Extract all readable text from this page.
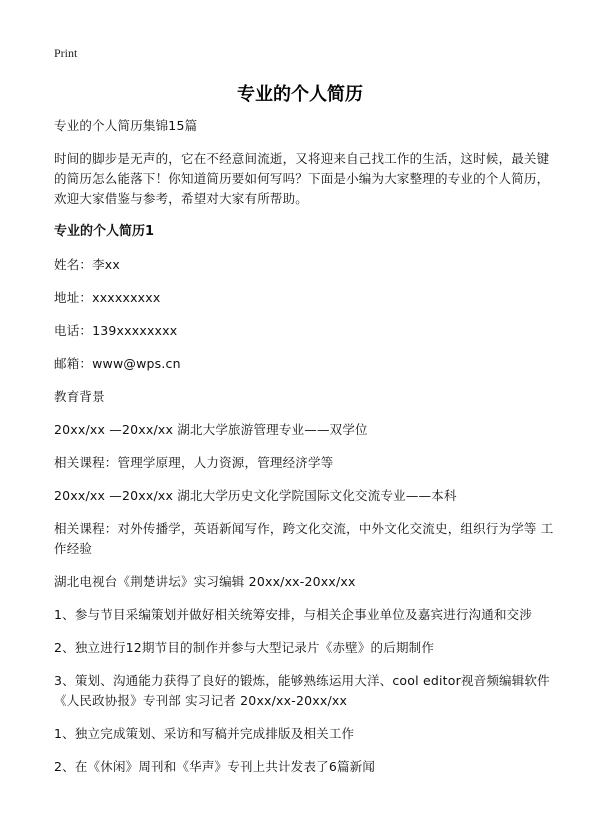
Print
专业的个人简历

专业的个人简历集锦15篇

时间的脚步是无声的，它在不经意间流逝，又将迎来自己找工作的生活，这时候，最关键的简历怎么能落下！你知道简历要如何写吗？下面是小编为大家整理的专业的个人简历，欢迎大家借鉴与参考，希望对大家有所帮助。

专业的个人简历1

姓名：李xx

地址：xxxxxxxxx

电话：139xxxxxxxx

邮箱：www@wps.cn

教育背景

20xx/xx —20xx/xx 湖北大学旅游管理专业——双学位

相关课程：管理学原理，人力资源，管理经济学等

20xx/xx —20xx/xx 湖北大学历史文化学院国际文化交流专业——本科

相关课程：对外传播学，英语新闻写作，跨文化交流，中外文化交流史，组织行为学等 工作经验

湖北电视台《荆楚讲坛》实习编辑 20xx/xx-20xx/xx

1、参与节目采编策划并做好相关统筹安排，与相关企事业单位及嘉宾进行沟通和交涉

2、独立进行12期节目的制作并参与大型记录片《赤壁》的后期制作

3、策划、沟通能力获得了良好的锻炼，能够熟练运用大洋、cool editor视音频编辑软件 《人民政协报》专刊部 实习记者 20xx/xx-20xx/xx

1、独立完成策划、采访和写稿并完成排版及相关工作

2、在《休闲》周刊和《华声》专刊上共计发表了6篇新闻
